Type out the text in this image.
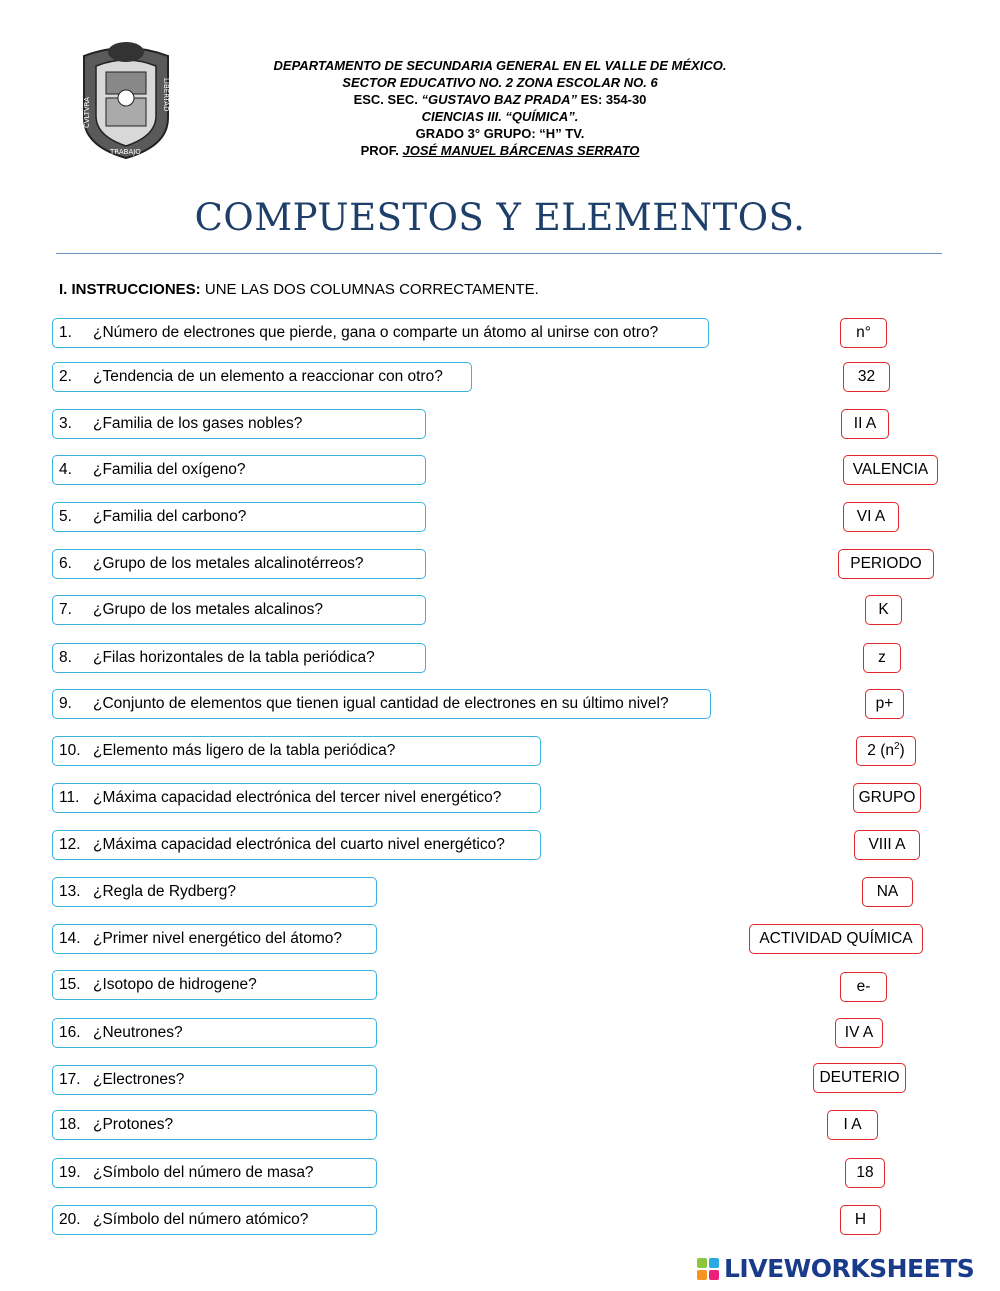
CVLTVRA
LIBERTAD
TRABAJO
DEPARTAMENTO DE SECUNDARIA GENERAL EN EL VALLE DE MÉXICO.
SECTOR EDUCATIVO NO. 2 ZONA ESCOLAR NO. 6
ESC. SEC. “GUSTAVO BAZ PRADA” ES: 354-30
CIENCIAS III. “QUÍMICA”.
GRADO 3° GRUPO: “H” TV.
PROF. JOSÉ MANUEL BÁRCENAS SERRATO
COMPUESTOS Y ELEMENTOS.
I. INSTRUCCIONES: UNE LAS DOS COLUMNAS CORRECTAMENTE.
1. ¿Número de electrones que pierde, gana o comparte un átomo al unirse con otro?
2. ¿Tendencia de un elemento a reaccionar con otro?
3. ¿Familia de los gases nobles?
4. ¿Familia del oxígeno?
5. ¿Familia del carbono?
6. ¿Grupo de los metales alcalinotérreos?
7. ¿Grupo de los metales alcalinos?
8. ¿Filas horizontales de la tabla periódica?
9. ¿Conjunto de elementos que tienen igual cantidad de electrones en su último nivel?
10. ¿Elemento más ligero de la tabla periódica?
11. ¿Máxima capacidad electrónica del tercer nivel energético?
12. ¿Máxima capacidad electrónica del cuarto nivel energético?
13. ¿Regla de Rydberg?
14. ¿Primer nivel energético del átomo?
15. ¿Isotopo de hidrogene?
16. ¿Neutrones?
17. ¿Electrones?
18. ¿Protones?
19. ¿Símbolo del número de masa?
20. ¿Símbolo del número atómico?
n°
32
II A
VALENCIA
VI A
PERIODO
K
z
p+
2 $(n^2)$
GRUPO
VIII A
NA
ACTIVIDAD QUÍMICA
e-
IV A
DEUTERIO
I A
18
H
LIVEWORKSHEETS
